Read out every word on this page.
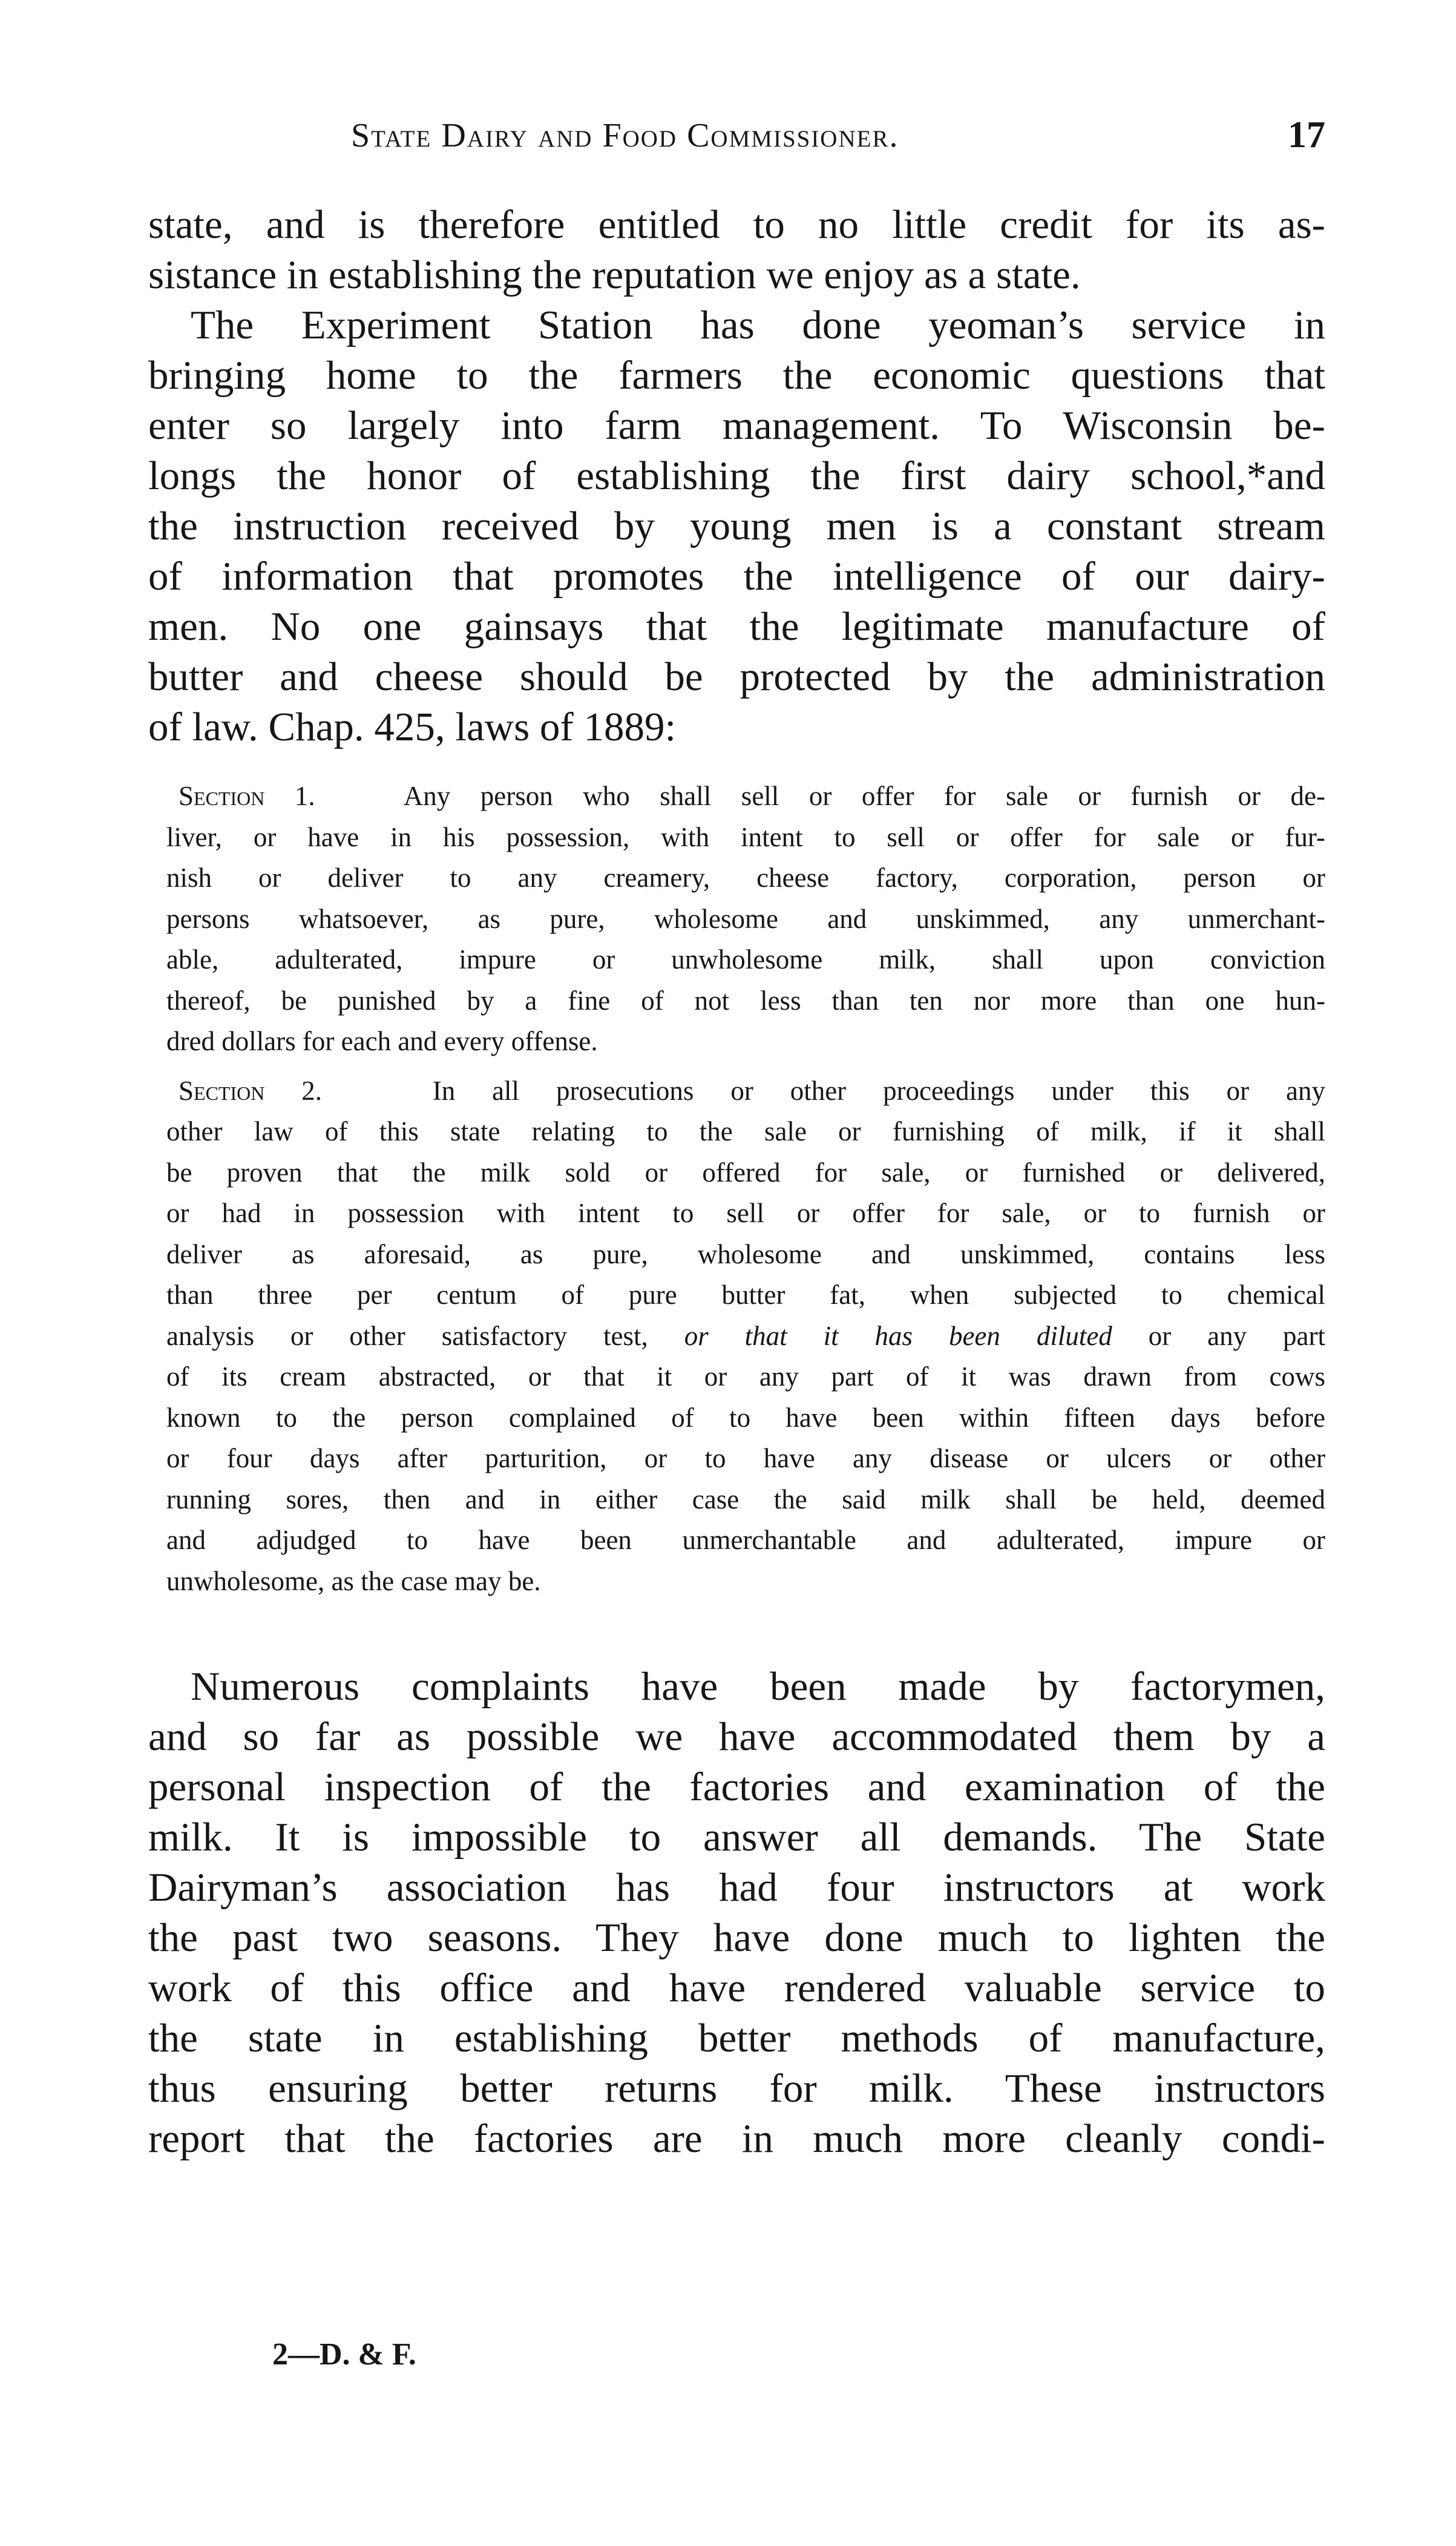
State Dairy and Food Commissioner.	17
state, and is therefore entitled to no little credit for its as-
sistance in establishing the reputation we enjoy as a state.
The Experiment Station has done yeoman’s service in
bringing home to the farmers the economic questions that
enter so largely into farm management. To Wisconsin be-
longs the honor of establishing the first dairy school,*and
the instruction received by young men is a constant stream
of information that promotes the intelligence of our dairy-
men. No one gainsays that the legitimate manufacture of
butter and cheese should be protected by the administration
of law. Chap. 425, laws of 1889:
Section 1.	Any person who shall sell or offer for sale or furnish or de-
liver, or have in his possession, with intent to sell or offer for sale or fur-
nish or deliver to any creamery, cheese factory, corporation, person or
persons whatsoever, as pure, wholesome and unskimmed, any unmerchant-
able, adulterated, impure or unwholesome milk, shall upon conviction
thereof, be punished by a fine of not less than ten nor more than one hun-
dred dollars for each and every offense.
Section 2.	In all prosecutions or other proceedings under this or any
other law of this state relating to the sale or furnishing of milk, if it shall
be proven that the milk sold or offered for sale, or furnished or delivered,
or had in possession with intent to sell or offer for sale, or to furnish or
deliver as aforesaid, as pure, wholesome and unskimmed, contains less
than three per centum of pure butter fat, when subjected to chemical
analysis or other satisfactory test, or that it has been diluted or any part
of its cream abstracted, or that it or any part of it was drawn from cows
known to the person complained of to have been within fifteen days before
or four days after parturition, or to have any disease or ulcers or other
running sores, then and in either case the said milk shall be held, deemed
and adjudged to have been unmerchantable and adulterated, impure or
unwholesome, as the case may be.
Numerous complaints have been made by factorymen,
and so far as possible we have accommodated them by a
personal inspection of the factories and examination of the
milk. It is impossible to answer all demands. The State
Dairyman’s association has had four instructors at work
the past two seasons. They have done much to lighten the
work of this office and have rendered valuable service to
the state in establishing better methods of manufacture,
thus ensuring better returns for milk. These instructors
report that the factories are in much more cleanly condi-
2—D. & F.
